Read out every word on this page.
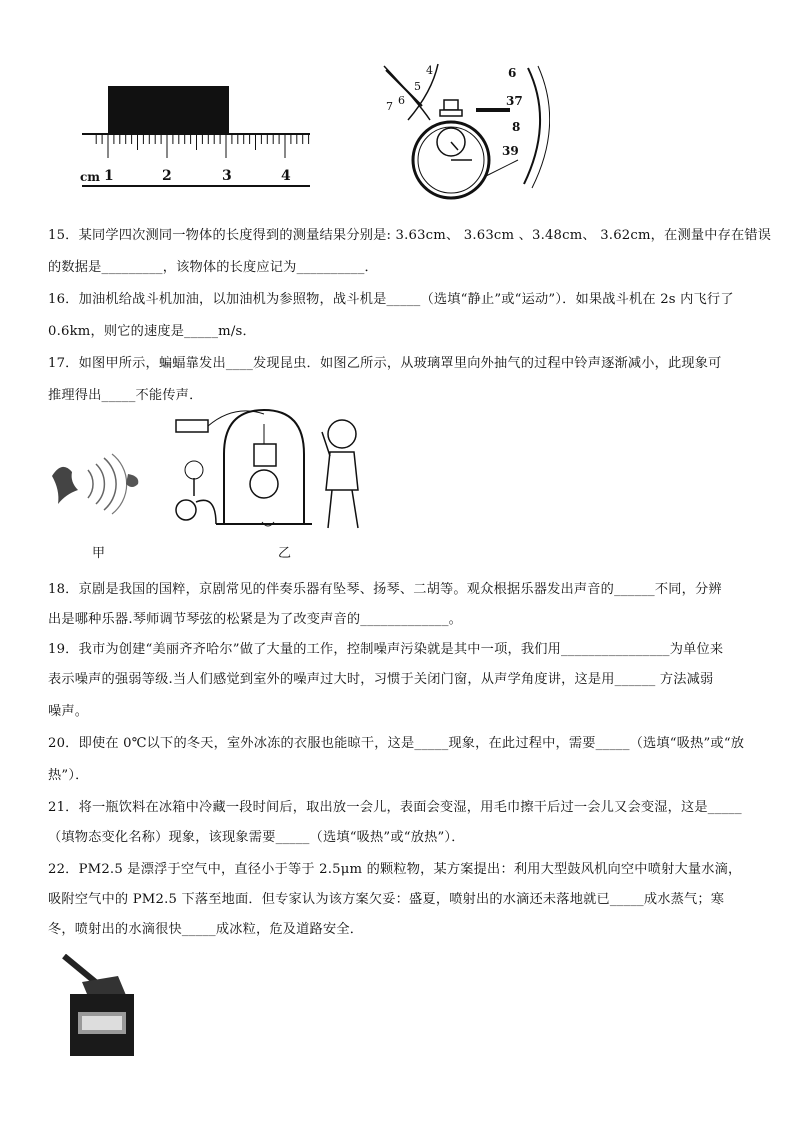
cm 1	2	3	4
4
5
6
7
6
37
8
39
15．某同学四次测同一物体的长度得到的测量结果分别是: 3.63cm、 3.63cm 、3.48cm、 3.62cm，在测量中存在错误
的数据是_________，该物体的长度应记为__________．
16．加油机给战斗机加油，以加油机为参照物，战斗机是_____（选填“静止”或“运动”）．如果战斗机在 2s 内飞行了
0.6km，则它的速度是_____m/s．
17．如图甲所示，蝙蝠靠发出____发现昆虫．如图乙所示，从玻璃罩里向外抽气的过程中铃声逐渐减小，此现象可
推理得出_____不能传声．
甲	乙
18．京剧是我国的国粹，京剧常见的伴奏乐器有坠琴、扬琴、二胡等。观众根据乐器发出声音的______不同，分辨
出是哪种乐器.琴师调节琴弦的松紧是为了改变声音的_____________。
19．我市为创建“美丽齐齐哈尔”做了大量的工作，控制噪声污染就是其中一项，我们用________________为单位来
表示噪声的强弱等级.当人们感觉到室外的噪声过大时，习惯于关闭门窗，从声学角度讲，这是用______ 方法减弱
噪声。
20．即使在 0℃以下的冬天，室外冰冻的衣服也能晾干，这是_____现象，在此过程中，需要_____（选填“吸热”或“放
热”）．
21．将一瓶饮料在冰箱中冷藏一段时间后，取出放一会儿，表面会变湿，用毛巾擦干后过一会儿又会变湿，这是_____
（填物态变化名称）现象，该现象需要_____（选填“吸热”或“放热”）．
22．PM2.5 是漂浮于空气中，直径小于等于 2.5μm 的颗粒物，某方案提出：利用大型鼓风机向空中喷射大量水滴，
吸附空气中的 PM2.5 下落至地面．但专家认为该方案欠妥：盛夏，喷射出的水滴还未落地就已_____成水蒸气；寒
冬，喷射出的水滴很快_____成冰粒，危及道路安全．
